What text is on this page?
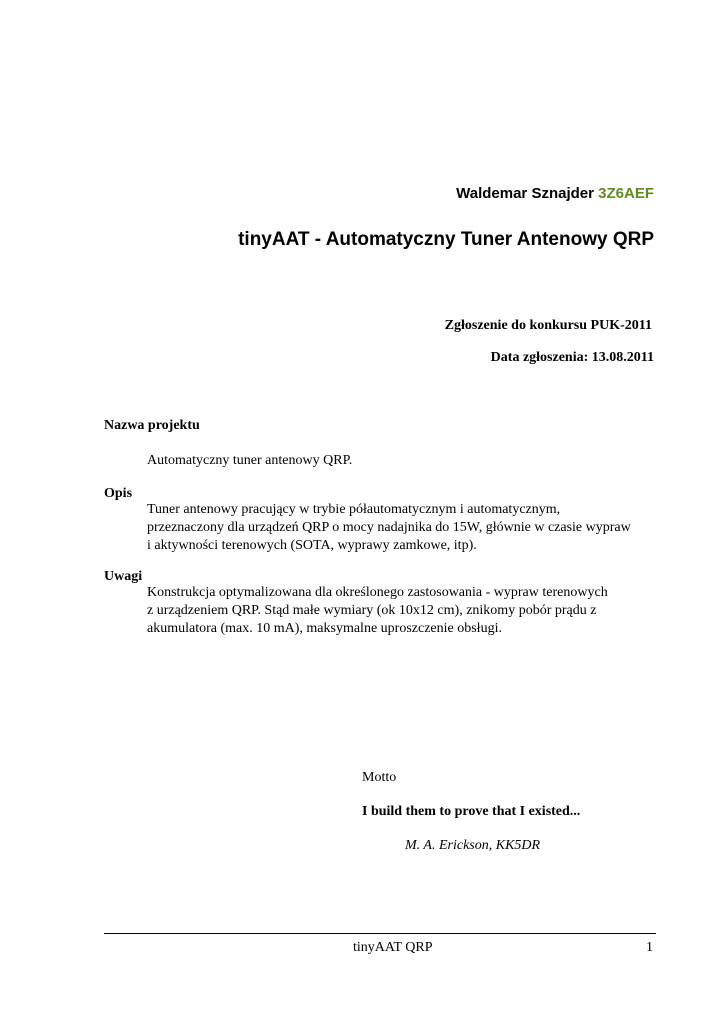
Waldemar Sznajder 3Z6AEF
tinyAAT - Automatyczny Tuner Antenowy QRP
Zgłoszenie do konkursu PUK-2011
Data zgłoszenia: 13.08.2011
Nazwa projektu
Automatyczny tuner antenowy QRP.
Opis
Tuner antenowy pracujący w trybie półautomatycznym i automatycznym,
przeznaczony dla urządzeń QRP o mocy nadajnika do 15W, głównie w czasie wypraw
i aktywności terenowych (SOTA, wyprawy zamkowe, itp).
Uwagi
Konstrukcja optymalizowana dla określonego zastosowania - wypraw terenowych
z urządzeniem QRP. Stąd małe wymiary (ok 10x12 cm), znikomy pobór prądu z
akumulatora (max. 10 mA), maksymalne uproszczenie obsługi.
Motto
I build them to prove that I existed...
M. A. Erickson, KK5DR
tinyAAT QRP	1
